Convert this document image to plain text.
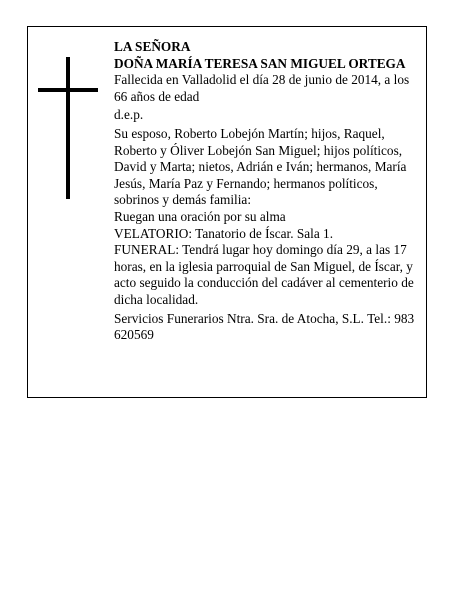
LA SEÑORA

DOÑA MARÍA TERESA SAN MIGUEL ORTEGA

Fallecida en Valladolid el día 28 de junio de 2014, a los 66 años de edad

d.e.p.

Su esposo, Roberto Lobejón Martín; hijos, Raquel, Roberto y Óliver Lobejón San Miguel; hijos políticos, David y Marta; nietos, Adrián e Iván; hermanos, María Jesús, María Paz y Fernando; hermanos políticos, sobrinos y demás familia:

Ruegan una oración por su alma

VELATORIO: Tanatorio de Íscar. Sala 1.

FUNERAL: Tendrá lugar hoy domingo día 29, a las 17 horas, en la iglesia parroquial de San Miguel, de Íscar, y acto seguido la conducción del cadáver al cementerio de dicha localidad.

Servicios Funerarios Ntra. Sra. de Atocha, S.L. Tel.: 983 620569
